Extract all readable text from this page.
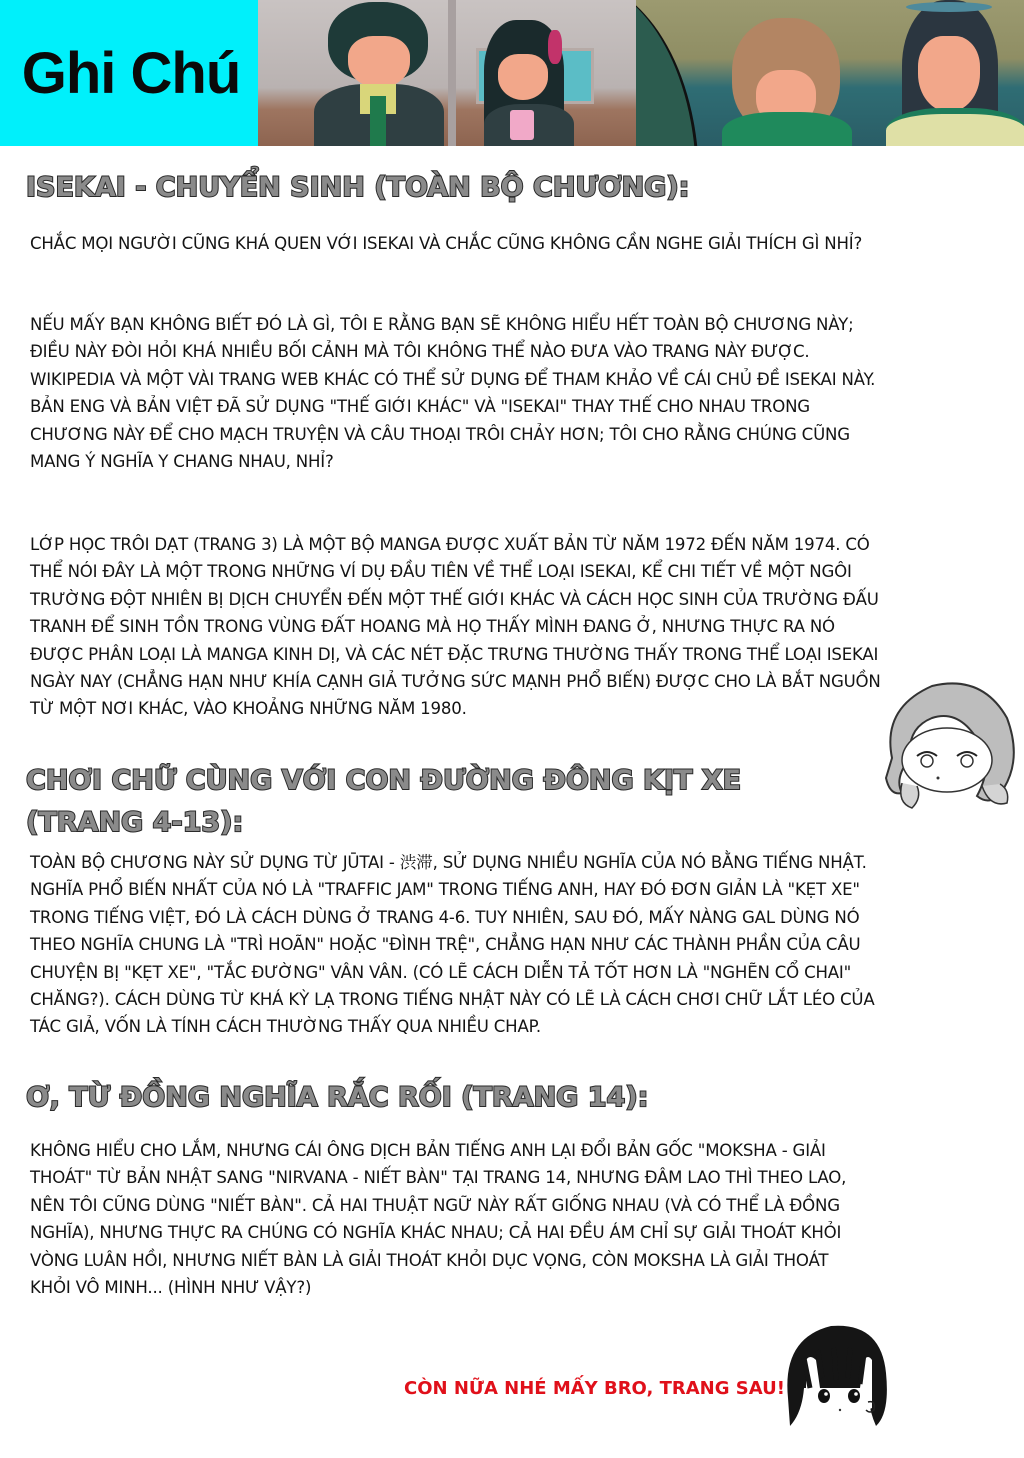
Ghi Chú
ISEKAI - CHUYỂN SINH (TOÀN BỘ CHƯƠNG):
CHẮC MỌI NGƯỜI CŨNG KHÁ QUEN VỚI ISEKAI VÀ CHẮC CŨNG KHÔNG CẦN NGHE GIẢI THÍCH GÌ NHỈ?
NẾU MẤY BẠN KHÔNG BIẾT ĐÓ LÀ GÌ, TÔI E RẰNG BẠN SẼ KHÔNG HIỂU HẾT TOÀN BỘ CHƯƠNG NÀY; ĐIỀU NÀY ĐÒI HỎI KHÁ NHIỀU BỐI CẢNH MÀ TÔI KHÔNG THỂ NÀO ĐƯA VÀO TRANG NÀY ĐƯỢC. WIKIPEDIA VÀ MỘT VÀI TRANG WEB KHÁC CÓ THỂ SỬ DỤNG ĐỂ THAM KHẢO VỀ CÁI CHỦ ĐỀ ISEKAI NÀY. BẢN ENG VÀ BẢN VIỆT ĐÃ SỬ DỤNG "THẾ GIỚI KHÁC" VÀ "ISEKAI" THAY THẾ CHO NHAU TRONG CHƯƠNG NÀY ĐỂ CHO MẠCH TRUYỆN VÀ CÂU THOẠI TRÔI CHẢY HƠN; TÔI CHO RẰNG CHÚNG CŨNG MANG Ý NGHĨA Y CHANG NHAU, NHỈ?
LỚP HỌC TRÔI DẠT (TRANG 3) LÀ MỘT BỘ MANGA ĐƯỢC XUẤT BẢN TỪ NĂM 1972 ĐẾN NĂM 1974. CÓ THỂ NÓI ĐÂY LÀ MỘT TRONG NHỮNG VÍ DỤ ĐẦU TIÊN VỀ THỂ LOẠI ISEKAI, KỂ CHI TIẾT VỀ MỘT NGÔI TRƯỜNG ĐỘT NHIÊN BỊ DỊCH CHUYỂN ĐẾN MỘT THẾ GIỚI KHÁC VÀ CÁCH HỌC SINH CỦA TRƯỜNG ĐẤU TRANH ĐỂ SINH TỒN TRONG VÙNG ĐẤT HOANG MÀ HỌ THẤY MÌNH ĐANG Ở, NHƯNG THỰC RA NÓ ĐƯỢC PHÂN LOẠI LÀ MANGA KINH DỊ, VÀ CÁC NÉT ĐẶC TRƯNG THƯỜNG THẤY TRONG THỂ LOẠI ISEKAI NGÀY NAY (CHẲNG HẠN NHƯ KHÍA CẠNH GIẢ TƯỞNG SỨC MẠNH PHỔ BIẾN) ĐƯỢC CHO LÀ BẮT NGUỒN TỪ MỘT NƠI KHÁC, VÀO KHOẢNG NHỮNG NĂM 1980.
CHƠI CHỮ CÙNG VỚI CON ĐƯỜNG ĐÔNG KỊT XE (TRANG 4-13):
TOÀN BỘ CHƯƠNG NÀY SỬ DỤNG TỪ JŪTAI - 渋滞, SỬ DỤNG NHIỀU NGHĨA CỦA NÓ BẰNG TIẾNG NHẬT. NGHĨA PHỔ BIẾN NHẤT CỦA NÓ LÀ "TRAFFIC JAM" TRONG TIẾNG ANH, HAY ĐÓ ĐƠN GIẢN LÀ "KẸT XE" TRONG TIẾNG VIỆT, ĐÓ LÀ CÁCH DÙNG Ở TRANG 4-6. TUY NHIÊN, SAU ĐÓ, MẤY NÀNG GAL DÙNG NÓ THEO NGHĨA CHUNG LÀ "TRÌ HOÃN" HOẶC "ĐÌNH TRỆ", CHẲNG HẠN NHƯ CÁC THÀNH PHẦN CỦA CÂU CHUYỆN BỊ "KẸT XE", "TẮC ĐƯỜNG" VÂN VÂN. (CÓ LẼ CÁCH DIỄN TẢ TỐT HƠN LÀ "NGHẼN CỔ CHAI" CHĂNG?). CÁCH DÙNG TỪ KHÁ KỲ LẠ TRONG TIẾNG NHẬT NÀY CÓ LẼ LÀ CÁCH CHƠI CHỮ LẮT LÉO CỦA TÁC GIẢ, VỐN LÀ TÍNH CÁCH THƯỜNG THẤY QUA NHIỀU CHAP.
Ơ, TỪ ĐỒNG NGHĨA RẮC RỐI (TRANG 14):
KHÔNG HIỂU CHO LẮM, NHƯNG CÁI ÔNG DỊCH BẢN TIẾNG ANH LẠI ĐỔI BẢN GỐC "MOKSHA - GIẢI THOÁT" TỪ BẢN NHẬT SANG "NIRVANA - NIẾT BÀN" TẠI TRANG 14, NHƯNG ĐÂM LAO THÌ THEO LAO, NÊN TÔI CŨNG DÙNG "NIẾT BÀN". CẢ HAI THUẬT NGỮ NÀY RẤT GIỐNG NHAU (VÀ CÓ THỂ LÀ ĐỒNG NGHĨA), NHƯNG THỰC RA CHÚNG CÓ NGHĨA KHÁC NHAU; CẢ HAI ĐỀU ÁM CHỈ SỰ GIẢI THOÁT KHỎI VÒNG LUÂN HỒI, NHƯNG NIẾT BÀN LÀ GIẢI THOÁT KHỎI DỤC VỌNG, CÒN MOKSHA LÀ GIẢI THOÁT KHỎI VÔ MINH... (HÌNH NHƯ VẬY?)
CÒN NỮA NHÉ MẤY BRO, TRANG SAU!
